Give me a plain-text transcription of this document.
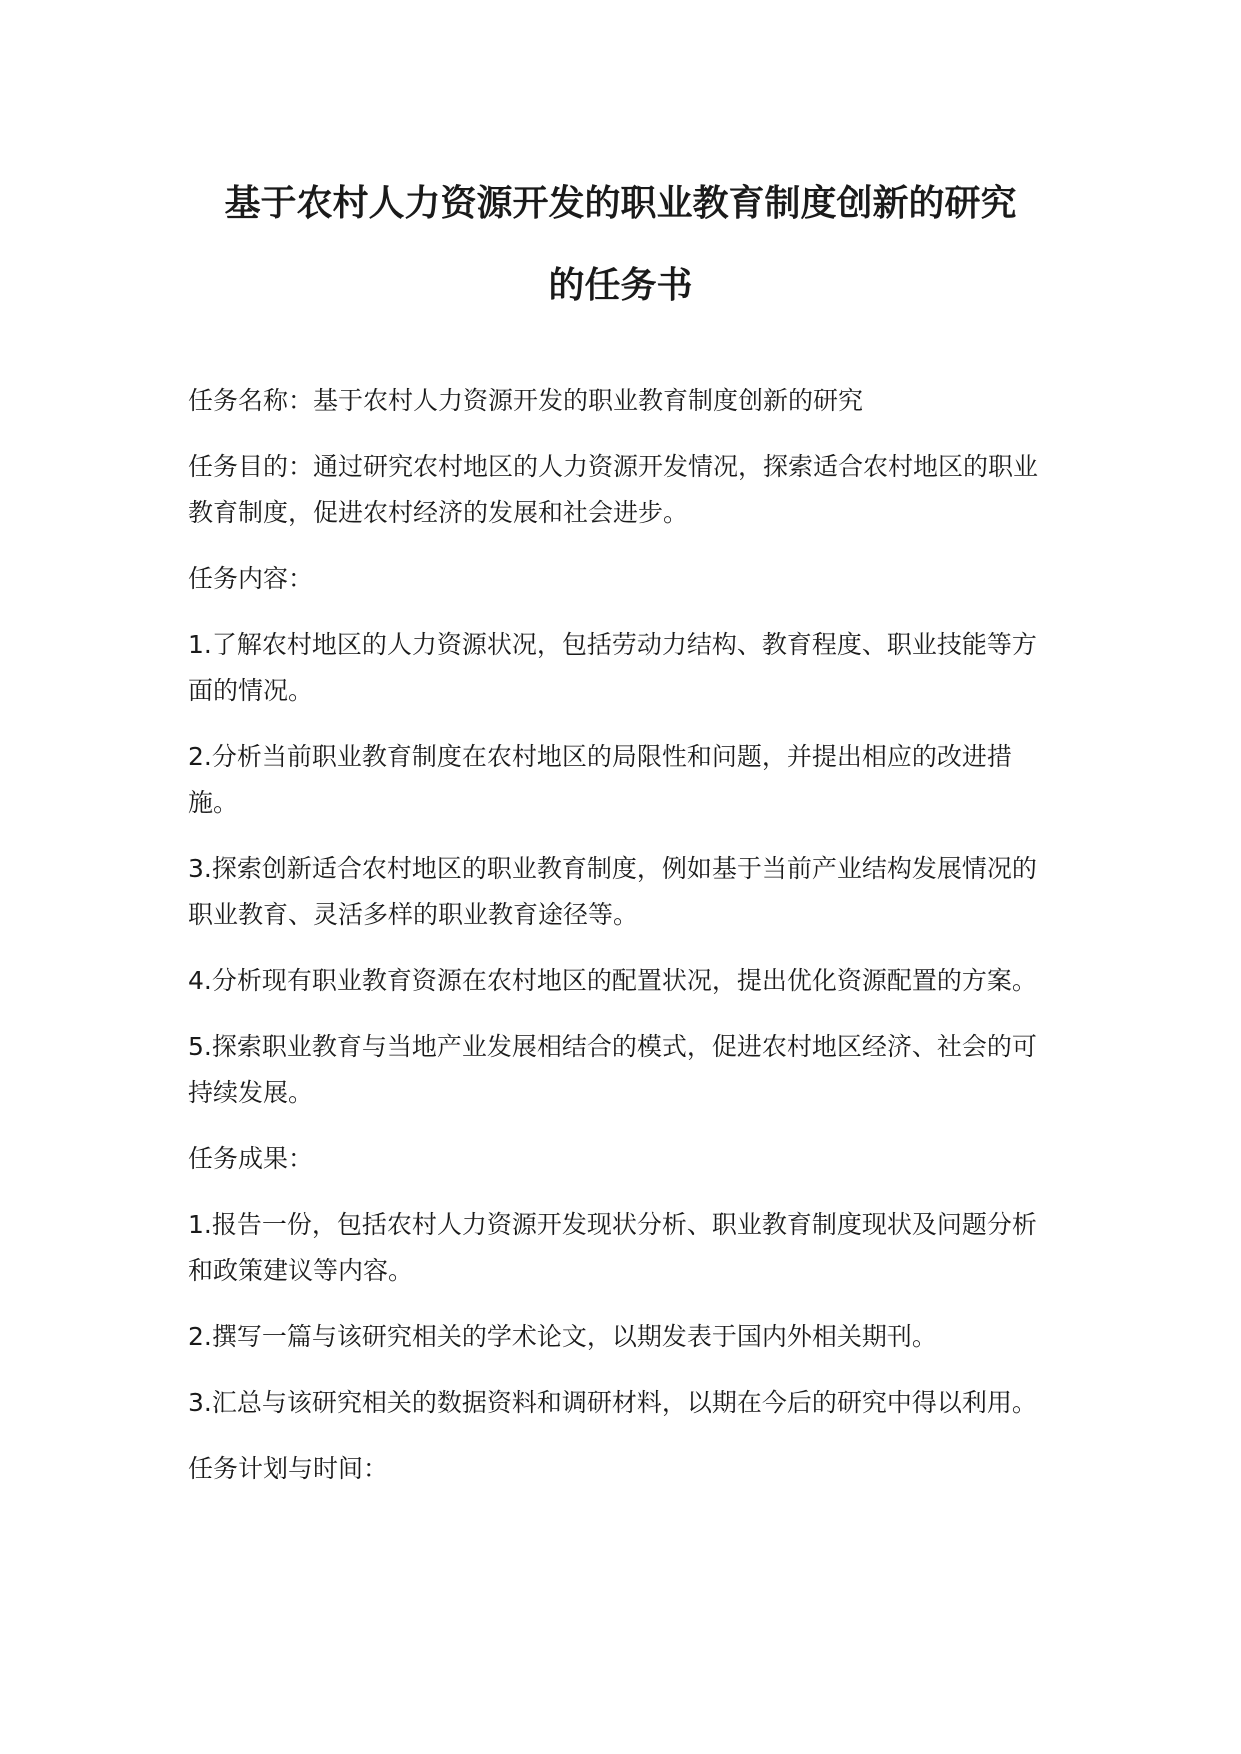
基于农村人力资源开发的职业教育制度创新的研究
的任务书

任务名称：基于农村人力资源开发的职业教育制度创新的研究

任务目的：通过研究农村地区的人力资源开发情况，探索适合农村地区的职业教育制度，促进农村经济的发展和社会进步。

任务内容：

1.了解农村地区的人力资源状况，包括劳动力结构、教育程度、职业技能等方面的情况。

2.分析当前职业教育制度在农村地区的局限性和问题，并提出相应的改进措施。

3.探索创新适合农村地区的职业教育制度，例如基于当前产业结构发展情况的职业教育、灵活多样的职业教育途径等。

4.分析现有职业教育资源在农村地区的配置状况，提出优化资源配置的方案。

5.探索职业教育与当地产业发展相结合的模式，促进农村地区经济、社会的可持续发展。

任务成果：

1.报告一份，包括农村人力资源开发现状分析、职业教育制度现状及问题分析和政策建议等内容。

2.撰写一篇与该研究相关的学术论文，以期发表于国内外相关期刊。

3.汇总与该研究相关的数据资料和调研材料，以期在今后的研究中得以利用。

任务计划与时间：
